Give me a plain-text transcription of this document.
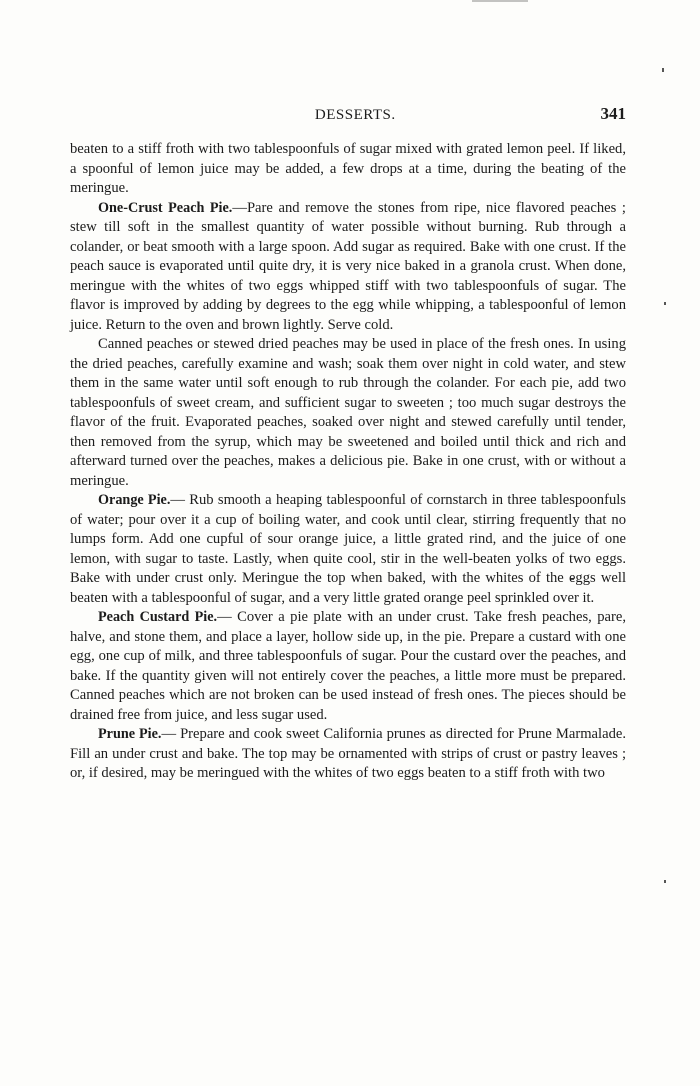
DESSERTS.	341

beaten to a stiff froth with two tablespoonfuls of sugar mixed with grated lemon peel. If liked, a spoonful of lemon juice may be added, a few drops at a time, during the beating of the meringue.

One-Crust Peach Pie.—Pare and remove the stones from ripe, nice flavored peaches ; stew till soft in the smallest quantity of water possible without burning. Rub through a colander, or beat smooth with a large spoon. Add sugar as required. Bake with one crust. If the peach sauce is evaporated until quite dry, it is very nice baked in a granola crust. When done, meringue with the whites of two eggs whipped stiff with two tablespoonfuls of sugar. The flavor is improved by adding by degrees to the egg while whipping, a tablespoonful of lemon juice. Return to the oven and brown lightly. Serve cold.

Canned peaches or stewed dried peaches may be used in place of the fresh ones. In using the dried peaches, carefully examine and wash; soak them over night in cold water, and stew them in the same water until soft enough to rub through the colander. For each pie, add two tablespoonfuls of sweet cream, and sufficient sugar to sweeten ; too much sugar destroys the flavor of the fruit. Evaporated peaches, soaked over night and stewed carefully until tender, then removed from the syrup, which may be sweetened and boiled until thick and rich and afterward turned over the peaches, makes a delicious pie. Bake in one crust, with or without a meringue.

Orange Pie.— Rub smooth a heaping tablespoonful of cornstarch in three tablespoonfuls of water; pour over it a cup of boiling water, and cook until clear, stirring frequently that no lumps form. Add one cupful of sour orange juice, a little grated rind, and the juice of one lemon, with sugar to taste. Lastly, when quite cool, stir in the well-beaten yolks of two eggs. Bake with under crust only. Meringue the top when baked, with the whites of the eggs well beaten with a tablespoonful of sugar, and a very little grated orange peel sprinkled over it.

Peach Custard Pie.— Cover a pie plate with an under crust. Take fresh peaches, pare, halve, and stone them, and place a layer, hollow side up, in the pie. Prepare a custard with one egg, one cup of milk, and three tablespoonfuls of sugar. Pour the custard over the peaches, and bake. If the quantity given will not entirely cover the peaches, a little more must be prepared. Canned peaches which are not broken can be used instead of fresh ones. The pieces should be drained free from juice, and less sugar used.

Prune Pie.— Prepare and cook sweet California prunes as directed for Prune Marmalade. Fill an under crust and bake. The top may be ornamented with strips of crust or pastry leaves ; or, if desired, may be meringued with the whites of two eggs beaten to a stiff froth with two
